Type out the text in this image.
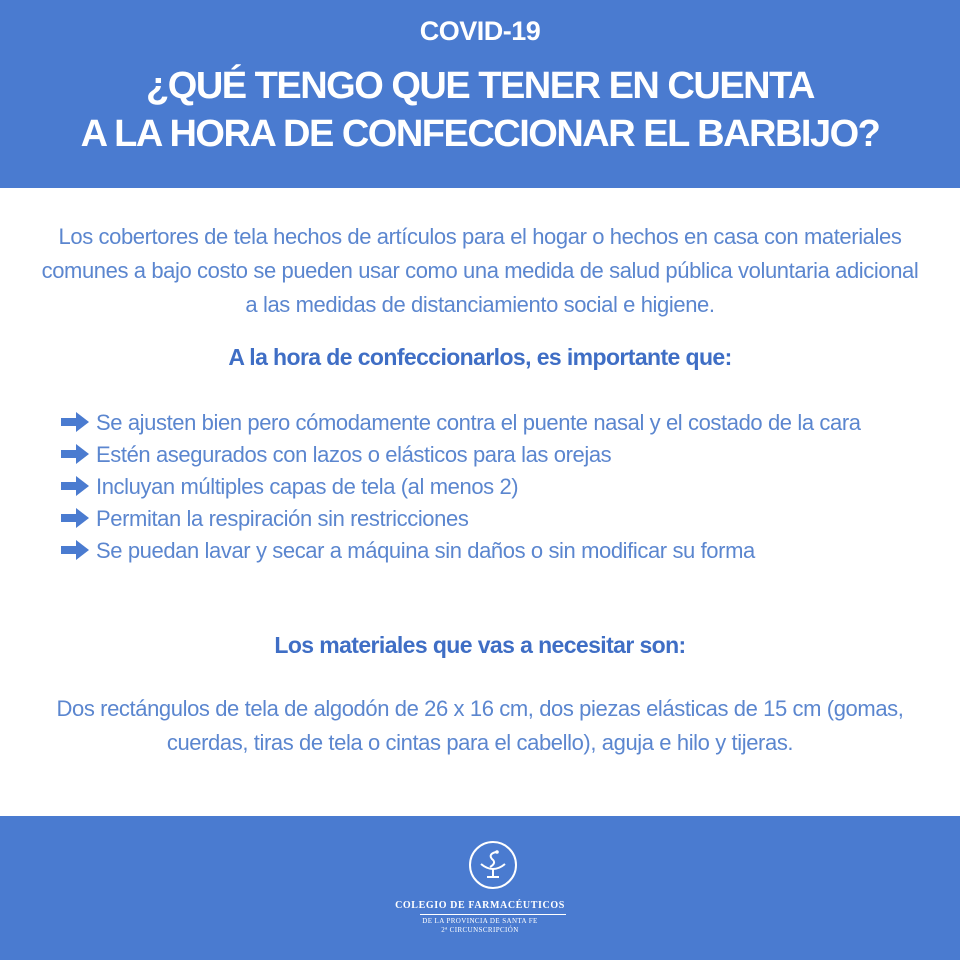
COVID-19
¿QUÉ TENGO QUE TENER EN CUENTA
A LA HORA DE CONFECCIONAR EL BARBIJO?
Los cobertores de tela hechos de artículos para el hogar o hechos en casa con materiales comunes a bajo costo se pueden usar como una medida de salud pública voluntaria adicional a las medidas de distanciamiento social e higiene.
A la hora de confeccionarlos, es importante que:
Se ajusten bien pero cómodamente contra el puente nasal y el costado de la cara
Estén asegurados con lazos o elásticos para las orejas
Incluyan múltiples capas de tela (al menos 2)
Permitan la respiración sin restricciones
Se puedan lavar y secar a máquina sin daños o sin modificar su forma
Los materiales que vas a necesitar son:
Dos rectángulos de tela de algodón de 26 x 16 cm, dos piezas elásticas de 15 cm (gomas, cuerdas, tiras de tela o cintas para el cabello), aguja e hilo y tijeras.
COLEGIO DE FARMACÉUTICOS
DE LA PROVINCIA DE SANTA FE
2ª CIRCUNSCRIPCIÓN
